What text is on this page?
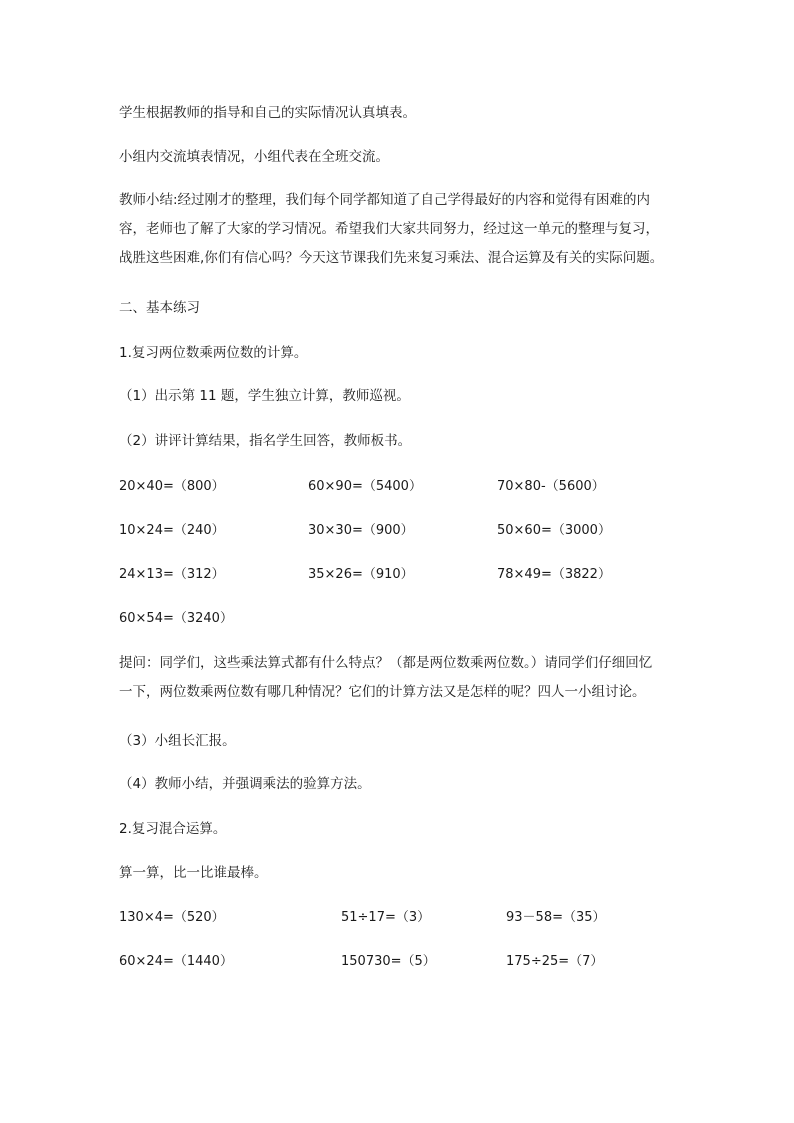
学生根据教师的指导和自己的实际情况认真填表。

小组内交流填表情况，小组代表在全班交流。

教师小结:经过刚才的整理，我们每个同学都知道了自己学得最好的内容和觉得有困难的内
容，老师也了解了大家的学习情况。希望我们大家共同努力，经过这一单元的整理与复习，
战胜这些困难,你们有信心吗？今天这节课我们先来复习乘法、混合运算及有关的实际问题。

二、基本练习

1.复习两位数乘两位数的计算。

（1）出示第 11 题，学生独立计算，教师巡视。

（2）讲评计算结果，指名学生回答，教师板书。

20×40=（800）	60×90=（5400）	70×80-（5600）
10×24=（240）	30×30=（900）	50×60=（3000）
24×13=（312）	35×26=（910）	78×49=（3822）
60×54=（3240）

提问：同学们，这些乘法算式都有什么特点？（都是两位数乘两位数。）请同学们仔细回忆
一下，两位数乘两位数有哪几种情况？它们的计算方法又是怎样的呢？四人一小组讨论。

（3）小组长汇报。

（4）教师小结，并强调乘法的验算方法。

2.复习混合运算。

算一算，比一比谁最棒。

130×4=（520）	51÷17=（3）	93－58=（35）
60×24=（1440）	150730=（5）	175÷25=（7）
